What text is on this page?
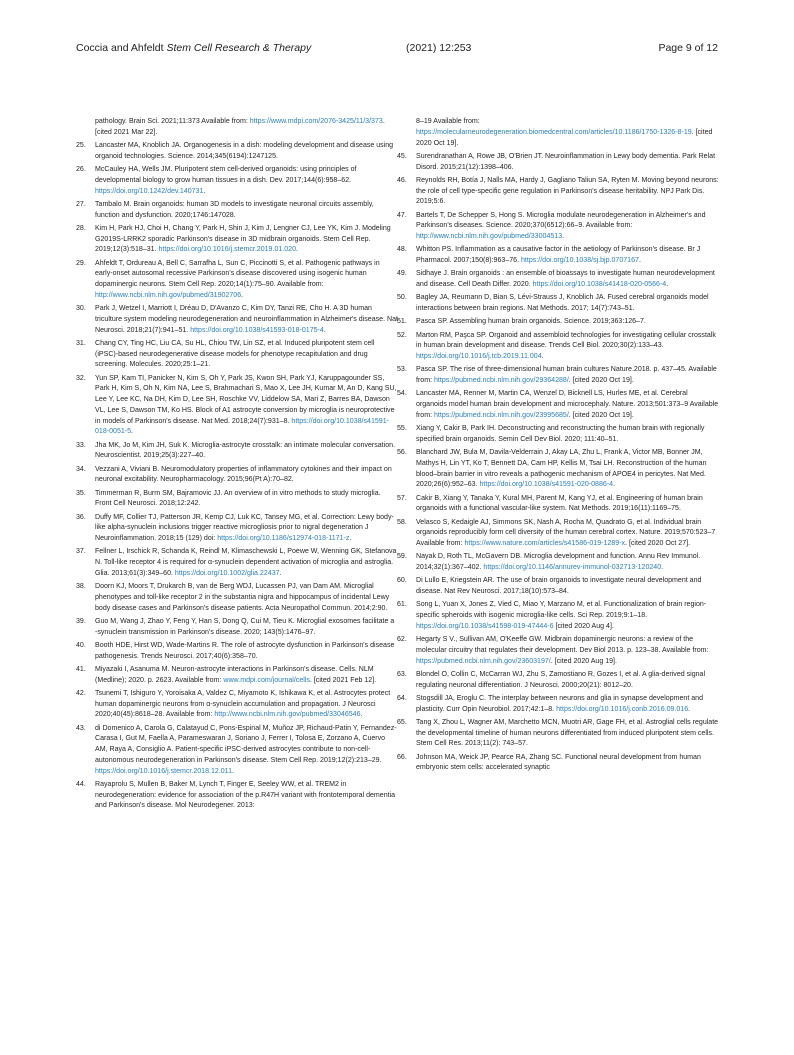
Coccia and Ahfeldt Stem Cell Research & Therapy	(2021) 12:253	Page 9 of 12
pathology. Brain Sci. 2021;11:373 Available from: https://www.mdpi.com/2076-3425/11/3/373. [cited 2021 Mar 22].
25. Lancaster MA, Knoblich JA. Organogenesis in a dish: modeling development and disease using organoid technologies. Science. 2014;345(6194):1247125.
26. McCauley HA, Wells JM. Pluripotent stem cell-derived organoids: using principles of developmental biology to grow human tissues in a dish. Dev. 2017;144(6):958–62. https://doi.org/10.1242/dev.140731.
27. Tambalo M. Brain organoids: human 3D models to investigate neuronal circuits assembly, function and dysfunction. 2020;1746:147028.
28. Kim H, Park HJ, Choi H, Chang Y, Park H, Shin J, Kim J, Lengner CJ, Lee YK, Kim J. Modeling G2019S-LRRK2 sporadic Parkinson's disease in 3D midbrain organoids. Stem Cell Rep. 2019;12(3):518–31. https://doi.org/10.1016/j.stemcr.2019.01.020.
29. Ahfeldt T, Ordureau A, Bell C, Sarrafha L, Sun C, Piccinotti S, et al. Pathogenic pathways in early-onset autosomal recessive Parkinson's disease discovered using isogenic human dopaminergic neurons. Stem Cell Rep. 2020;14(1):75–90. Available from: http://www.ncbi.nlm.nih.gov/pubmed/31902706.
30. Park J, Wetzel I, Marriott I, Dréau D, D'Avanzo C, Kim DY, Tanzi RE, Cho H. A 3D human triculture system modeling neurodegeneration and neuroinflammation in Alzheimer's disease. Nat Neurosci. 2018;21(7):941–51. https://doi.org/10.1038/s41593-018-0175-4.
31. Chang CY, Ting HC, Liu CA, Su HL, Chiou TW, Lin SZ, et al. Induced pluripotent stem cell (iPSC)-based neurodegenerative disease models for phenotype recapitulation and drug screening. Molecules. 2020;25:1–21.
32. Yun SP, Kam TI, Panicker N, Kim S, Oh Y, Park JS, Kwon SH, Park YJ, Karuppagounder SS, Park H, Kim S, Oh N, Kim NA, Lee S, Brahmachari S, Mao X, Lee JH, Kumar M, An D, Kang SU, Lee Y, Lee KC, Na DH, Kim D, Lee SH, Roschke VV, Liddelow SA, Mari Z, Barres BA, Dawson VL, Lee S, Dawson TM, Ko HS. Block of A1 astrocyte conversion by microglia is neuroprotective in models of Parkinson's disease. Nat Med. 2018;24(7):931–8. https://doi.org/10.1038/s41591-018-0051-5.
33. Jha MK, Jo M, Kim JH, Suk K. Microglia-astrocyte crosstalk: an intimate molecular conversation. Neuroscientist. 2019;25(3):227–40.
34. Vezzani A, Viviani B. Neuromodulatory properties of inflammatory cytokines and their impact on neuronal excitability. Neuropharmacology. 2015;96(Pt A):70–82.
35. Timmerman R, Burm SM, Bajramovic JJ. An overview of in vitro methods to study microglia. Front Cell Neurosci. 2018;12:242.
36. Duffy MF, Collier TJ, Patterson JR, Kemp CJ, Luk KC, Tansey MG, et al. Correction: Lewy body-like alpha-synuclein inclusions trigger reactive microgliosis prior to nigral degeneration J Neuroinflammation. 2018;15 (129) doi: https://doi.org/10.1186/s12974-018-1171-z.
37. Fellner L, Irschick R, Schanda K, Reindl M, Klimaschewski L, Poewe W, Wenning GK, Stefanova N. Toll-like receptor 4 is required for α-synuclein dependent activation of microglia and astroglia. Glia. 2013;61(3):349–60. https://doi.org/10.1002/glia.22437.
38. Doorn KJ, Moors T, Drukarch B, van de Berg WDJ, Lucassen PJ, van Dam AM. Microglial phenotypes and toll-like receptor 2 in the substantia nigra and hippocampus of incidental Lewy body disease cases and Parkinson's disease patients. Acta Neuropathol Commun. 2014;2:90.
39. Guo M, Wang J, Zhao Y, Feng Y, Han S, Dong Q, Cui M, Tieu K. Microglial exosomes facilitate a -synuclein transmission in Parkinson's disease. 2020; 143(5):1476–97.
40. Booth HDE, Hirst WD, Wade-Martins R. The role of astrocyte dysfunction in Parkinson's disease pathogenesis. Trends Neurosci. 2017;40(6):358–70.
41. Miyazaki I, Asanuma M. Neuron-astrocyte interactions in Parkinson's disease. Cells. NLM (Medline); 2020. p. 2623. Available from: www.mdpi.com/journal/cells. [cited 2021 Feb 12].
42. Tsunemi T, Ishiguro Y, Yoroisaka A, Valdez C, Miyamoto K, Ishikawa K, et al. Astrocytes protect human dopaminergic neurons from α-synuclein accumulation and propagation. J Neurosci 2020;40(45):8618–28. Available from: http://www.ncbi.nlm.nih.gov/pubmed/33046546.
43. di Domenico A, Carola G, Calatayud C, Pons-Espinal M, Muñoz JP, Richaud-Patin Y, Fernandez-Carasa I, Gut M, Faella A, Parameswaran J, Soriano J, Ferrer I, Tolosa E, Zorzano A, Cuervo AM, Raya A, Consiglio A. Patient-specific iPSC-derived astrocytes contribute to non-cell-autonomous neurodegeneration in Parkinson's disease. Stem Cell Rep. 2019;12(2):213–29. https://doi.org/10.1016/j.stemcr.2018.12.011.
44. Rayaprolu S, Mullen B, Baker M, Lynch T, Finger E, Seeley WW, et al. TREM2 in neurodegeneration: evidence for association of the p.R47H variant with frontotemporal dementia and Parkinson's disease. Mol Neurodegener. 2013:
8–19 Available from: https://molecularneurodegeneration.biomedcentral.com/articles/10.1186/1750-1326-8-19. [cited 2020 Oct 19].
45. Surendranathan A, Rowe JB, O'Brien JT. Neuroinflammation in Lewy body dementia. Park Relat Disord. 2015;21(12):1398–406.
46. Reynolds RH, Botía J, Nalls MA, Hardy J, Gagliano Taliun SA, Ryten M. Moving beyond neurons: the role of cell type-specific gene regulation in Parkinson's disease heritability. NPJ Park Dis. 2019;5:6.
47. Bartels T, De Schepper S, Hong S. Microglia modulate neurodegeneration in Alzheimer's and Parkinson's diseases. Science. 2020;370(6512):66–9. Available from: http://www.ncbi.nlm.nih.gov/pubmed/33004513.
48. Whitton PS. Inflammation as a causative factor in the aetiology of Parkinson's disease. Br J Pharmacol. 2007;150(8):963–76. https://doi.org/10.1038/sj.bjp.0707167.
49. Sidhaye J. Brain organoids : an ensemble of bioassays to investigate human neurodevelopment and disease. Cell Death Differ. 2020. https://doi.org/10.1038/s41418-020-0566-4.
50. Bagley JA, Reumann D, Bian S, Lévi-Strauss J, Knoblich JA. Fused cerebral organoids model interactions between brain regions. Nat Methods. 2017; 14(7):743–51.
51. Pasca SP. Assembling human brain organoids. Science. 2019;363:126–7.
52. Marton RM, Paşca SP. Organoid and assembloid technologies for investigating cellular crosstalk in human brain development and disease. Trends Cell Biol. 2020;30(2):133–43. https://doi.org/10.1016/j.tcb.2019.11.004.
53. Pasca SP. The rise of three-dimensional human brain cultures Nature.2018. p. 437–45. Available from: https://pubmed.ncbi.nlm.nih.gov/29364288/. [cited 2020 Oct 19].
54. Lancaster MA, Renner M, Martin CA, Wenzel D, Bicknell LS, Hurles ME, et al. Cerebral organoids model human brain development and microcephaly. Nature. 2013;501:373–9 Available from: https://pubmed.ncbi.nlm.nih.gov/23995685/. [cited 2020 Oct 19].
55. Xiang Y, Cakir B, Park IH. Deconstructing and reconstructing the human brain with regionally specified brain organoids. Semin Cell Dev Biol. 2020; 111:40–51.
56. Blanchard JW, Bula M, Davila-Velderrain J, Akay LA, Zhu L, Frank A, Victor MB, Bonner JM, Mathys H, Lin YT, Ko T, Bennett DA, Cam HP, Kellis M, Tsai LH. Reconstruction of the human blood–brain barrier in vitro reveals a pathogenic mechanism of APOE4 in pericytes. Nat Med. 2020;26(6):952–63. https://doi.org/10.1038/s41591-020-0886-4.
57. Cakir B, Xiang Y, Tanaka Y, Kural MH, Parent M, Kang YJ, et al. Engineering of human brain organoids with a functional vascular-like system. Nat Methods. 2019;16(11):1169–75.
58. Velasco S, Kedaigle AJ, Simmons SK, Nash A, Rocha M, Quadrato G, et al. Individual brain organoids reproducibly form cell diversity of the human cerebral cortex. Nature. 2019;570:523–7 Available from: https://www.nature.com/articles/s41586-019-1289-x. [cited 2020 Oct 27].
59. Nayak D, Roth TL, McGavern DB. Microglia development and function. Annu Rev Immunol. 2014;32(1):367–402. https://doi.org/10.1146/annurev-immunol-032713-120240.
60. Di Lullo E, Kriegstein AR. The use of brain organoids to investigate neural development and disease. Nat Rev Neurosci. 2017;18(10):573–84.
61. Song L, Yuan X, Jones Z, Vied C, Miao Y, Marzano M, et al. Functionalization of brain region-specific spheroids with isogenic microglia-like cells. Sci Rep. 2019;9:1–18. https://doi.org/10.1038/s41598-019-47444-6 [cited 2020 Aug 4].
62. Hegarty S V., Sullivan AM, O'Keeffe GW. Midbrain dopaminergic neurons: a review of the molecular circuitry that regulates their development. Dev Biol 2013. p. 123–38. Available from: https://pubmed.ncbi.nlm.nih.gov/23603197/. [cited 2020 Aug 19].
63. Blondel O, Collin C, McCarran WJ, Zhu S, Zamostiano R, Gozes I, et al. A glia-derived signal regulating neuronal differentiation. J Neurosci. 2000;20(21): 8012–20.
64. Stogsdill JA, Eroglu C. The interplay between neurons and glia in synapse development and plasticity. Curr Opin Neurobiol. 2017;42:1–8. https://doi.org/10.1016/j.conb.2016.09.016.
65. Tang X, Zhou L, Wagner AM, Marchetto MCN, Muotri AR, Gage FH, et al. Astroglial cells regulate the developmental timeline of human neurons differentiated from induced pluripotent stem cells. Stem Cell Res. 2013;11(2): 743–57.
66. Johnson MA, Weick JP, Pearce RA, Zhang SC. Functional neural development from human embryonic stem cells: accelerated synaptic
